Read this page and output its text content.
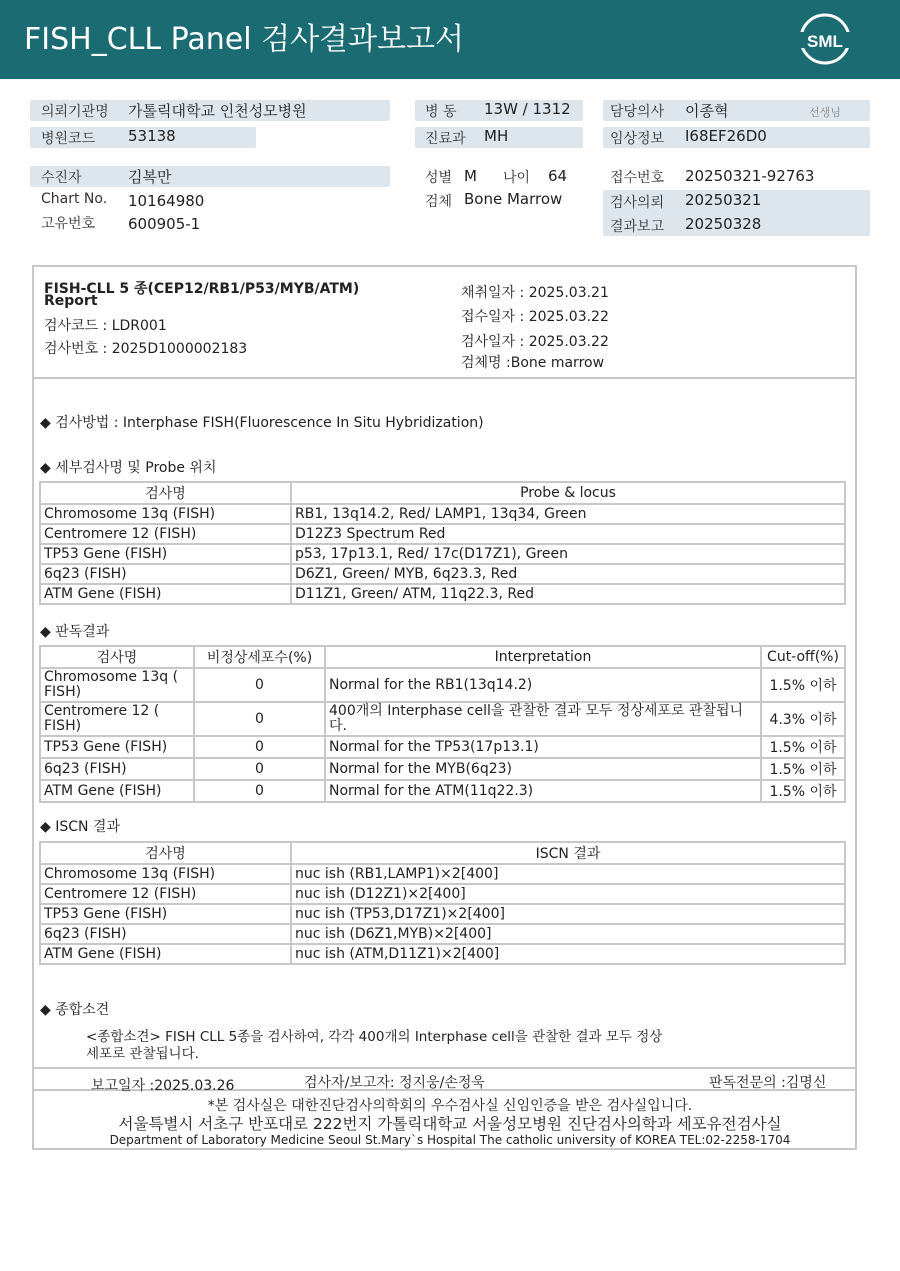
FISH_CLL Panel 검사결과보고서	SML
의뢰기관명 가톨릭대학교 인천성모병원
병원코드 53138
병 동 13W / 1312
진료과 MH
담당의사 이종혁	선생님
임상정보 I68EF26D0
수진자	김복만
Chart No. 10164980
고유번호 600905-1
성별 M 나이 64
검체 Bone Marrow
접수번호 20250321-92763
검사의뢰 20250321
결과보고 20250328
FISH-CLL 5 종(CEP12/RB1/P53/MYB/ATM)
Report
검사코드 : LDR001
검사번호 : 2025D1000002183
채취일자 : 2025.03.21
접수일자 : 2025.03.22
검사일자 : 2025.03.22
검체명 :Bone marrow
◆ 검사방법 : Interphase FISH(Fluorescence In Situ Hybridization)
◆ 세부검사명 및 Probe 위치
검사명	Probe & locus
Chromosome 13q (FISH)	RB1, 13q14.2, Red/ LAMP1, 13q34, Green
Centromere 12 (FISH)	D12Z3 Spectrum Red
TP53 Gene (FISH)	p53, 17p13.1, Red/ 17c(D17Z1), Green
6q23 (FISH)	D6Z1, Green/ MYB, 6q23.3, Red
ATM Gene (FISH)	D11Z1, Green/ ATM, 11q22.3, Red
◆ 판독결과
검사명	비정상세포수(%)	Interpretation	Cut-off(%)
Chromosome 13q ( FISH)	0	Normal for the RB1(13q14.2)	1.5% 이하
Centromere 12 ( FISH)	0	400개의 Interphase cell을 관찰한 결과 모두 정상세포로 관찰됩니다.	4.3% 이하
TP53 Gene (FISH)	0	Normal for the TP53(17p13.1)	1.5% 이하
6q23 (FISH)	0	Normal for the MYB(6q23)	1.5% 이하
ATM Gene (FISH)	0	Normal for the ATM(11q22.3)	1.5% 이하
◆ ISCN 결과
검사명	ISCN 결과
Chromosome 13q (FISH)	nuc ish (RB1,LAMP1)×2[400]
Centromere 12 (FISH)	nuc ish (D12Z1)×2[400]
TP53 Gene (FISH)	nuc ish (TP53,D17Z1)×2[400]
6q23 (FISH)	nuc ish (D6Z1,MYB)×2[400]
ATM Gene (FISH)	nuc ish (ATM,D11Z1)×2[400]
◆ 종합소견
<종합소견> FISH CLL 5종을 검사하여, 각각 400개의 Interphase cell을 관찰한 결과 모두 정상
세포로 관찰됩니다.
보고일자 :2025.03.26	검사자/보고자: 정지웅/손정욱	판독전문의 :김명신
*본 검사실은 대한진단검사의학회의 우수검사실 신임인증을 받은 검사실입니다.
서울특별시 서초구 반포대로 222번지 가톨릭대학교 서울성모병원 진단검사의학과 세포유전검사실
Department of Laboratory Medicine Seoul St.Mary`s Hospital The catholic university of KOREA TEL:02-2258-1704
